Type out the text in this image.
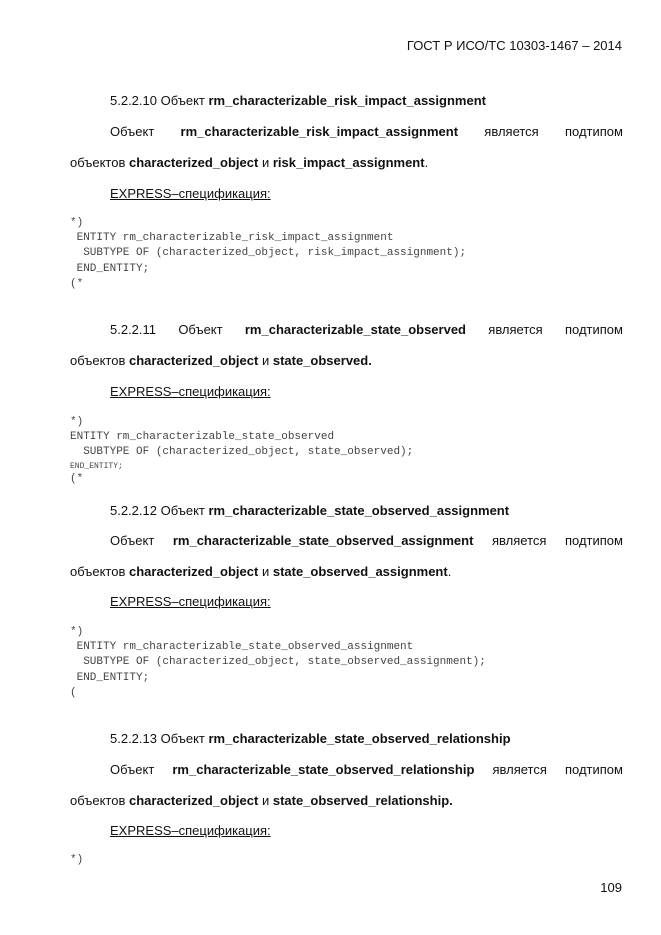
ГОСТ Р ИСО/ТС 10303-1467 – 2014
5.2.2.10 Объект rm_characterizable_risk_impact_assignment
Объект rm_characterizable_risk_impact_assignment является подтипом
объектов characterized_object и risk_impact_assignment.
EXPRESS–спецификация:
*)
ENTITY rm_characterizable_risk_impact_assignment
SUBTYPE OF (characterized_object, risk_impact_assignment);
END_ENTITY;
(*
5.2.2.11 Объект rm_characterizable_state_observed является подтипом
объектов characterized_object и state_observed.
EXPRESS–спецификация:
*)
ENTITY rm_characterizable_state_observed
SUBTYPE OF (characterized_object, state_observed);
END_ENTITY;
(*
5.2.2.12 Объект rm_characterizable_state_observed_assignment
Объект rm_characterizable_state_observed_assignment является подтипом
объектов characterized_object и state_observed_assignment.
EXPRESS–спецификация:
*)
ENTITY rm_characterizable_state_observed_assignment
SUBTYPE OF (characterized_object, state_observed_assignment);
END_ENTITY;
(
5.2.2.13 Объект rm_characterizable_state_observed_relationship
Объект rm_characterizable_state_observed_relationship является подтипом
объектов characterized_object и state_observed_relationship.
EXPRESS–спецификация:
*)
109
